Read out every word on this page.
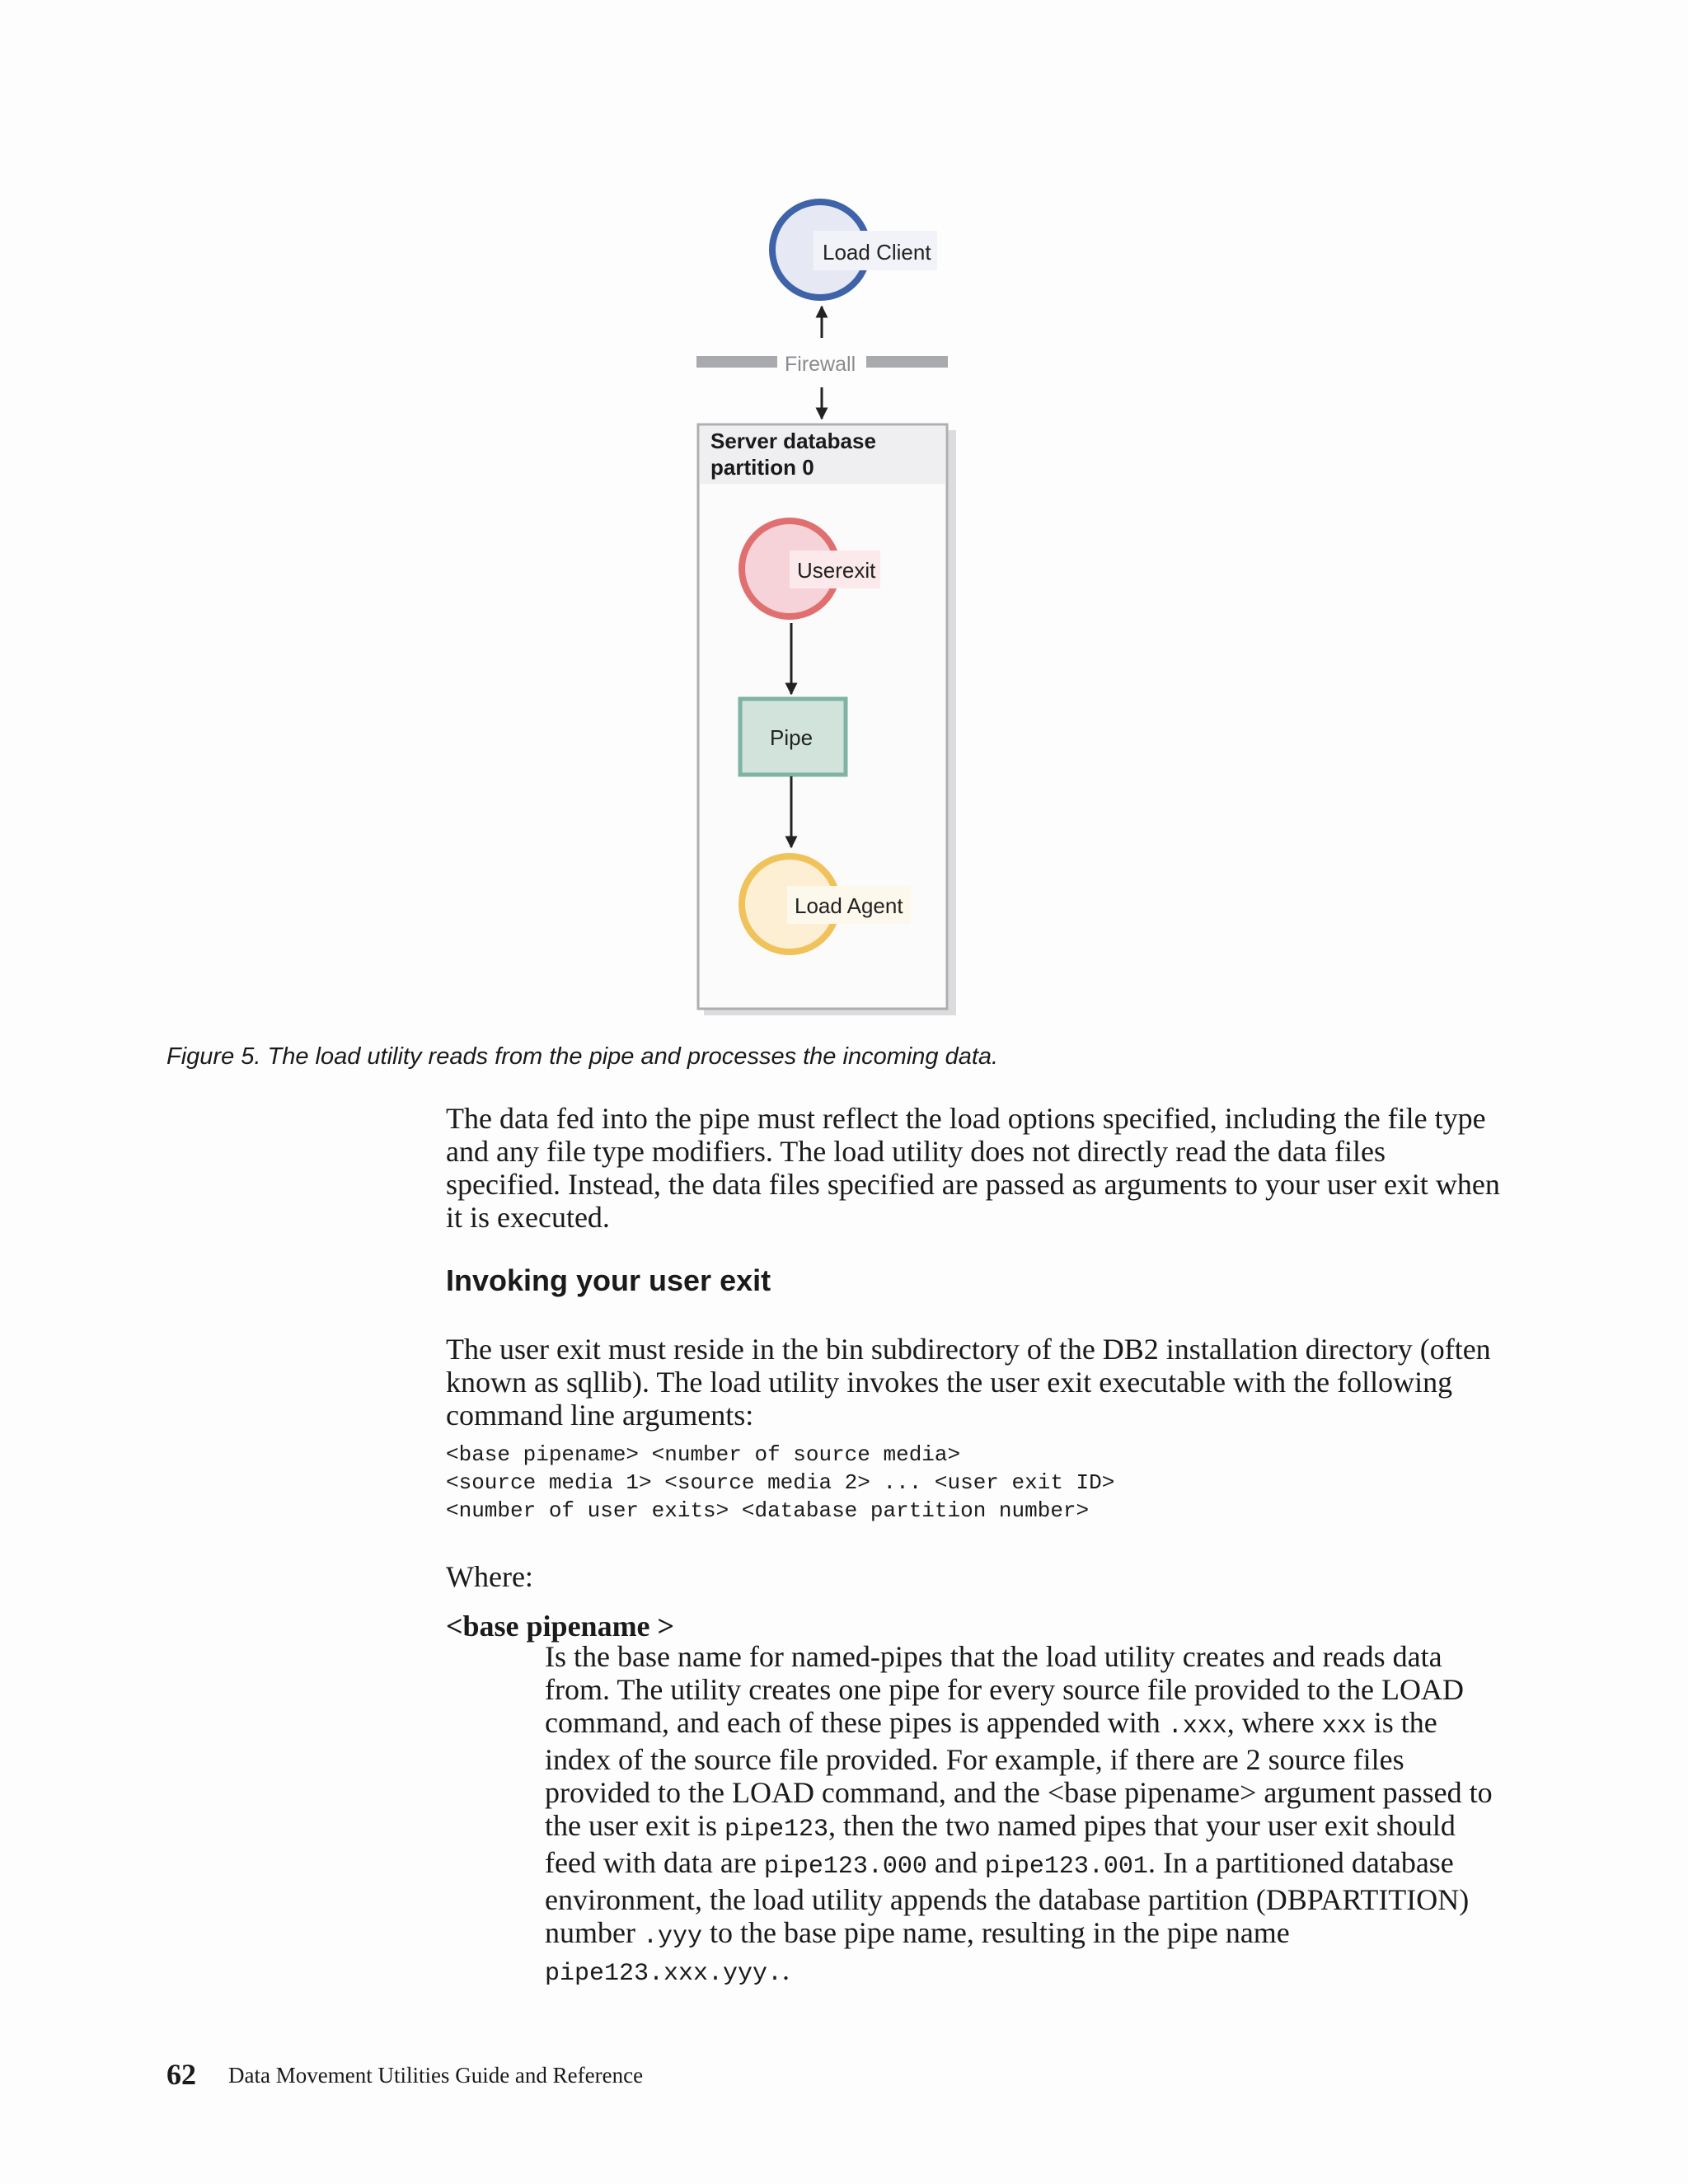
Load Client
Firewall
Server database
partition 0
Userexit
Pipe
Load Agent
Figure 5. The load utility reads from the pipe and processes the incoming data.

The data fed into the pipe must reflect the load options specified, including the file type and any file type modifiers. The load utility does not directly read the data files specified. Instead, the data files specified are passed as arguments to your user exit when it is executed.

Invoking your user exit

The user exit must reside in the bin subdirectory of the DB2 installation directory (often known as sqllib). The load utility invokes the user exit executable with the following command line arguments:

<base pipename> <number of source media>
<source media 1> <source media 2> ... <user exit ID>
<number of user exits> <database partition number>
Where:
<base pipename >
Is the base name for named-pipes that the load utility creates and reads data from. The utility creates one pipe for every source file provided to the LOAD command, and each of these pipes is appended with .xxx, where xxx is the index of the source file provided. For example, if there are 2 source files provided to the LOAD command, and the <base pipename> argument passed to the user exit is pipe123, then the two named pipes that your user exit should feed with data are pipe123.000 and pipe123.001. In a partitioned database environment, the load utility appends the database partition (DBPARTITION) number .yyy to the base pipe name, resulting in the pipe name pipe123.xxx.yyy..
62 Data Movement Utilities Guide and Reference
